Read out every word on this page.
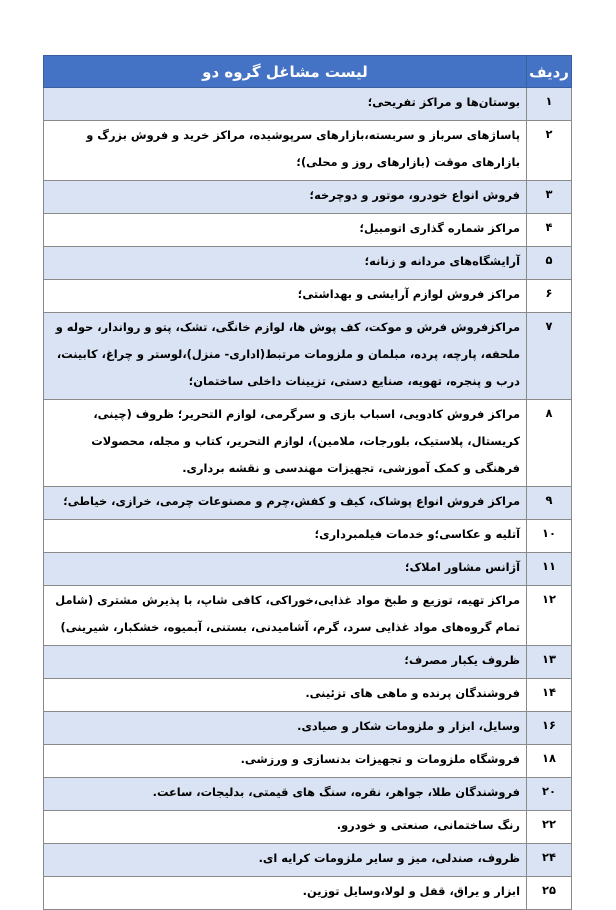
ردیف	لیست مشاغل گروه دو
۱	بوستان‌ها و مراکز تفریحی؛
۲	پاساژهای سرباز و سربسته،بازارهای سرپوشیده، مراکز خرید و فروش بزرگ و بازارهای موقت (بازارهای روز و محلی)؛
۳	فروش انواع خودرو، موتور و دوچرخه؛
۴	مراکز شماره گذاری اتومبیل؛
۵	آرایشگاه‌های مردانه و زنانه؛
۶	مراکز فروش لوازم آرایشی و بهداشتی؛
۷	مراکزفروش فرش و موکت، کف پوش ها، لوازم خانگی، تشک، پتو و رواندار، حوله و ملحفه، پارچه، پرده، مبلمان و ملزومات مرتبط(اداری- منزل)،لوستر و چراغ، کابینت، درب و پنجره، تهویه، صنایع دستی، تزیینات داخلی ساختمان؛
۸	مراکز فروش کادویی، اسباب بازی و سرگرمی، لوازم التحریر؛ ظروف (چینی، کریستال، پلاستیک، بلورجات، ملامین)، لوازم التحریر، کتاب و مجله، محصولات فرهنگی و کمک آموزشی، تجهیزات مهندسی و نقشه برداری.
۹	مراکز فروش انواع پوشاک، کیف و کفش،چرم و مصنوعات چرمی، خرازی، خیاطی؛
۱۰	آتلیه و عکاسی؛و خدمات فیلمبرداری؛
۱۱	آژانس مشاور املاک؛
۱۲	مراکز تهیه، توزیع و طبخ مواد غذایی،خوراکی، کافی شاپ، با پذیرش مشتری (شامل تمام گروه‌های مواد غذایی سرد، گرم، آشامیدنی، بستنی، آبمیوه، خشکبار، شیرینی)
۱۳	ظروف یکبار مصرف؛
۱۴	فروشندگان پرنده و ماهی های تزئینی.
۱۶	وسایل، ابزار و ملزومات شکار و صیادی.
۱۸	فروشگاه ملزومات و تجهیزات بدنسازی و ورزشی.
۲۰	فروشندگان طلا، جواهر، نقره، سنگ های قیمتی، بدلیجات، ساعت.
۲۲	رنگ ساختمانی، صنعتی و خودرو.
۲۴	ظروف، صندلی، میز و سایر ملزومات کرایه ای.
۲۵	ابزار و یراق، قفل و لولا،وسایل توزین.
